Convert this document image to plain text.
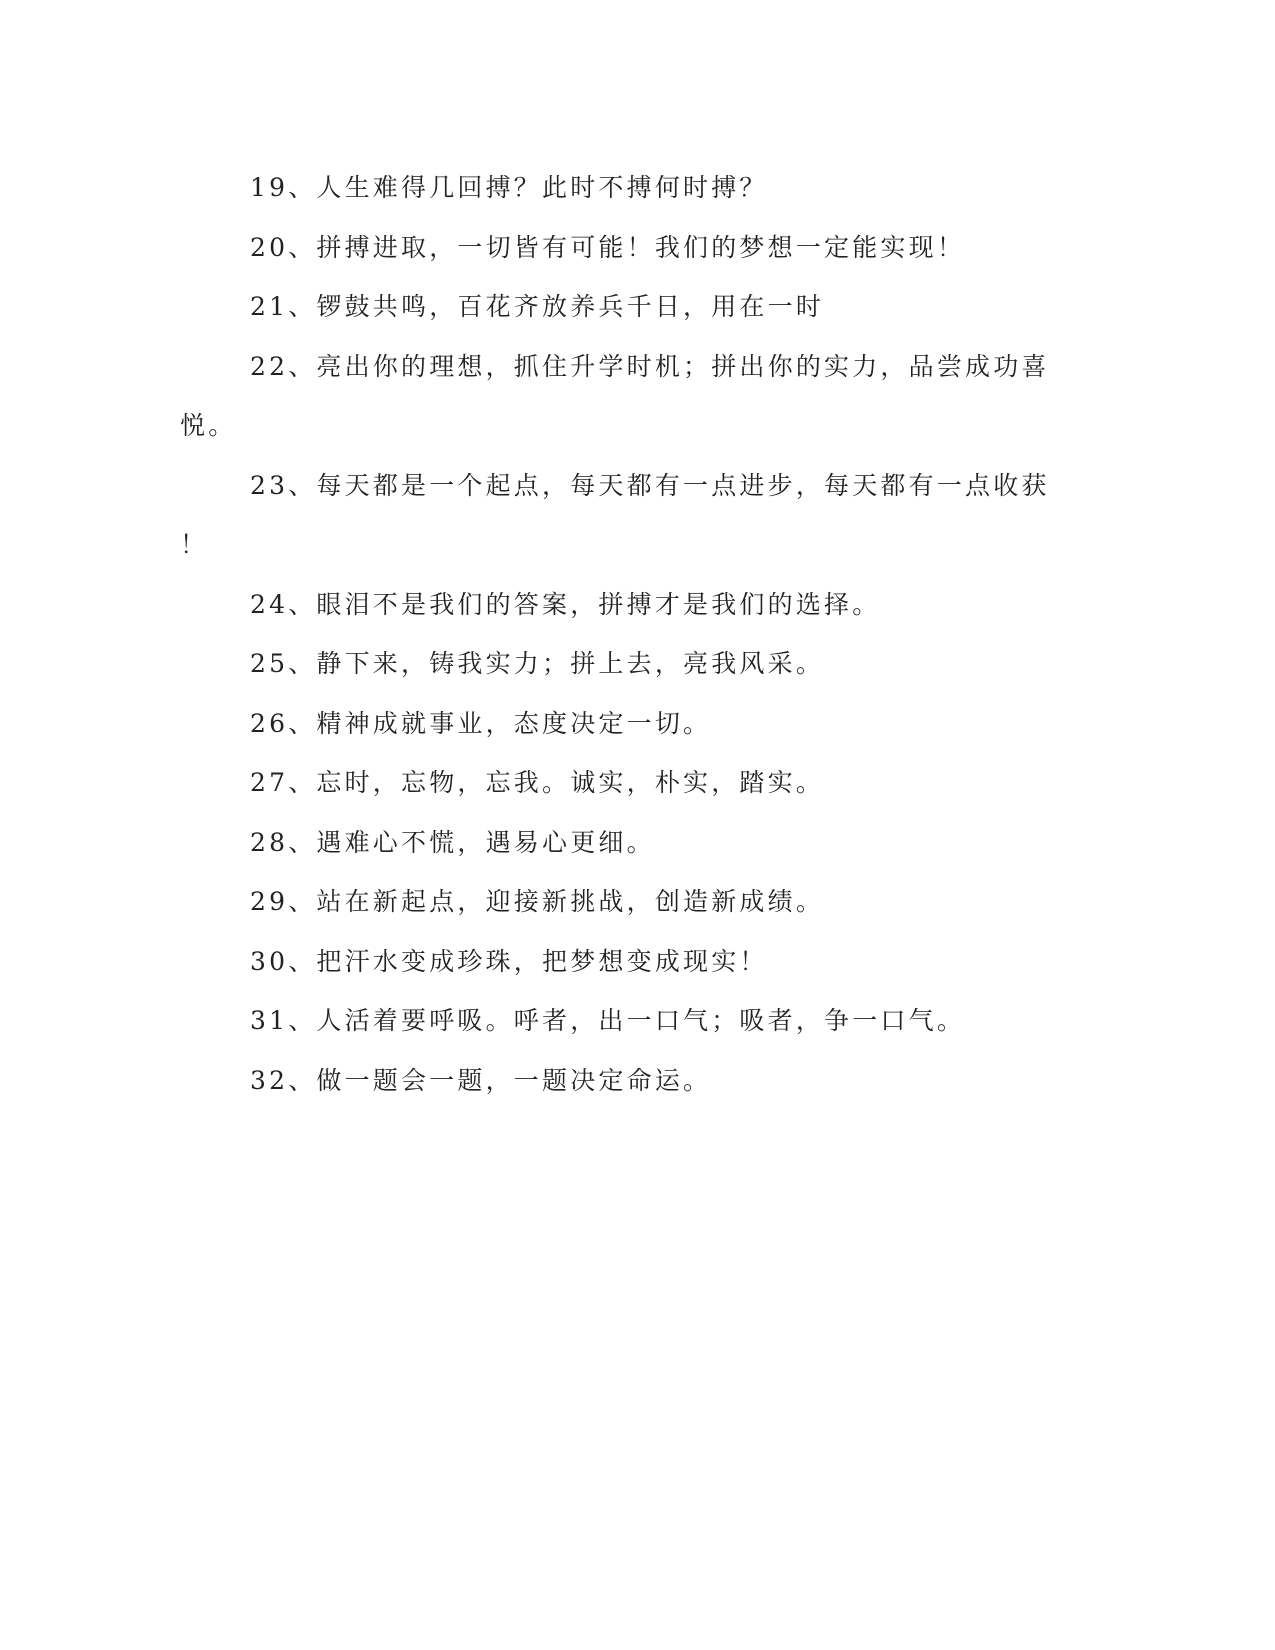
19、人生难得几回搏？此时不搏何时搏？

20、拼搏进取，一切皆有可能！我们的梦想一定能实现！

21、锣鼓共鸣，百花齐放养兵千日，用在一时

22、亮出你的理想，抓住升学时机；拼出你的实力，品尝成功喜

悦。

23、每天都是一个起点，每天都有一点进步，每天都有一点收获

！

24、眼泪不是我们的答案，拼搏才是我们的选择。

25、静下来，铸我实力；拼上去，亮我风采。

26、精神成就事业，态度决定一切。

27、忘时，忘物，忘我。诚实，朴实，踏实。

28、遇难心不慌，遇易心更细。

29、站在新起点，迎接新挑战，创造新成绩。

30、把汗水变成珍珠，把梦想变成现实！

31、人活着要呼吸。呼者，出一口气；吸者，争一口气。

32、做一题会一题，一题决定命运。
